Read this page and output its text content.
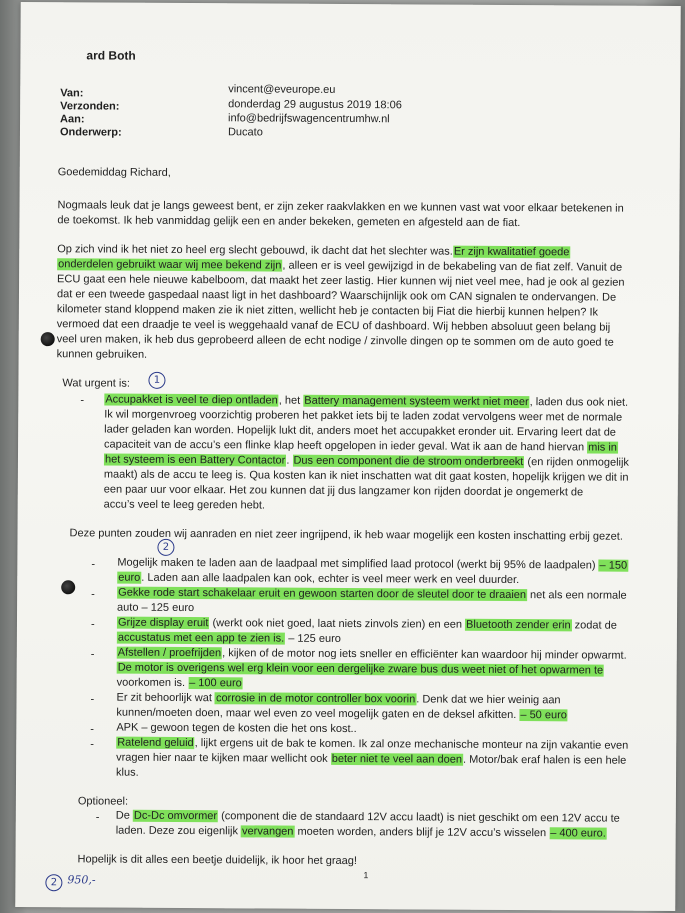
ard Both
Van:
Verzonden:
Aan:
Onderwerp:
vincent@eveurope.eu
donderdag 29 augustus 2019 18:06
info@bedrijfswagencentrumhw.nl
Ducato
Goedemiddag Richard,
Nogmaals leuk dat je langs geweest bent, er zijn zeker raakvlakken en we kunnen vast wat voor elkaar betekenen in
de toekomst. Ik heb vanmiddag gelijk een en ander bekeken, gemeten en afgesteld aan de fiat.
Op zich vind ik het niet zo heel erg slecht gebouwd, ik dacht dat het slechter was.Er zijn kwalitatief goede
onderdelen gebruikt waar wij mee bekend zijn, alleen er is veel gewijzigd in de bekabeling van de fiat zelf. Vanuit de
ECU gaat een hele nieuwe kabelboom, dat maakt het zeer lastig. Hier kunnen wij niet veel mee, had je ook al gezien
dat er een tweede gaspedaal naast ligt in het dashboard? Waarschijnlijk ook om CAN signalen te ondervangen. De
kilometer stand kloppend maken zie ik niet zitten, wellicht heb je contacten bij Fiat die hierbij kunnen helpen? Ik
vermoed dat een draadje te veel is weggehaald vanaf de ECU of dashboard. Wij hebben absoluut geen belang bij
veel uren maken, ik heb dus geprobeerd alleen de echt nodige / zinvolle dingen op te sommen om de auto goed te
kunnen gebruiken.
Wat urgent is:	1
- Accupakket is veel te diep ontladen, het Battery management systeem werkt niet meer, laden dus ook niet.
Ik wil morgenvroeg voorzichtig proberen het pakket iets bij te laden zodat vervolgens weer met de normale
lader geladen kan worden. Hopelijk lukt dit, anders moet het accupakket eronder uit. Ervaring leert dat de
capaciteit van de accu’s een flinke klap heeft opgelopen in ieder geval. Wat ik aan de hand hiervan mis in
het systeem is een Battery Contactor. Dus een component die de stroom onderbreekt (en rijden onmogelijk
maakt) als de accu te leeg is. Qua kosten kan ik niet inschatten wat dit gaat kosten, hopelijk krijgen we dit in
een paar uur voor elkaar. Het zou kunnen dat jij dus langzamer kon rijden doordat je ongemerkt de
accu’s veel te leeg gereden hebt.
Deze punten zouden wij aanraden en niet zeer ingrijpend, ik heb waar mogelijk een kosten inschatting erbij gezet.
2
- Mogelijk maken te laden aan de laadpaal met simplified laad protocol (werkt bij 95% de laadpalen) – 150
euro. Laden aan alle laadpalen kan ook, echter is veel meer werk en veel duurder.
- Gekke rode start schakelaar eruit en gewoon starten door de sleutel door te draaien net als een normale
auto – 125 euro
- Grijze display eruit (werkt ook niet goed, laat niets zinvols zien) en een Bluetooth zender erin zodat de
accustatus met een app te zien is. – 125 euro
- Afstellen / proefrijden, kijken of de motor nog iets sneller en efficiënter kan waardoor hij minder opwarmt.
De motor is overigens wel erg klein voor een dergelijke zware bus dus weet niet of het opwarmen te
voorkomen is. – 100 euro
- Er zit behoorlijk wat corrosie in de motor controller box voorin. Denk dat we hier weinig aan
kunnen/moeten doen, maar wel even zo veel mogelijk gaten en de deksel afkitten. – 50 euro
- APK – gewoon tegen de kosten die het ons kost..
- Ratelend geluid, lijkt ergens uit de bak te komen. Ik zal onze mechanische monteur na zijn vakantie even
vragen hier naar te kijken maar wellicht ook beter niet te veel aan doen. Motor/bak eraf halen is een hele
klus.
Optioneel:
- De Dc-Dc omvormer (component die de standaard 12V accu laadt) is niet geschikt om een 12V accu te
laden. Deze zou eigenlijk vervangen moeten worden, anders blijf je 12V accu’s wisselen – 400 euro.
Hopelijk is dit alles een beetje duidelijk, ik hoor het graag!
1
2 950,-
